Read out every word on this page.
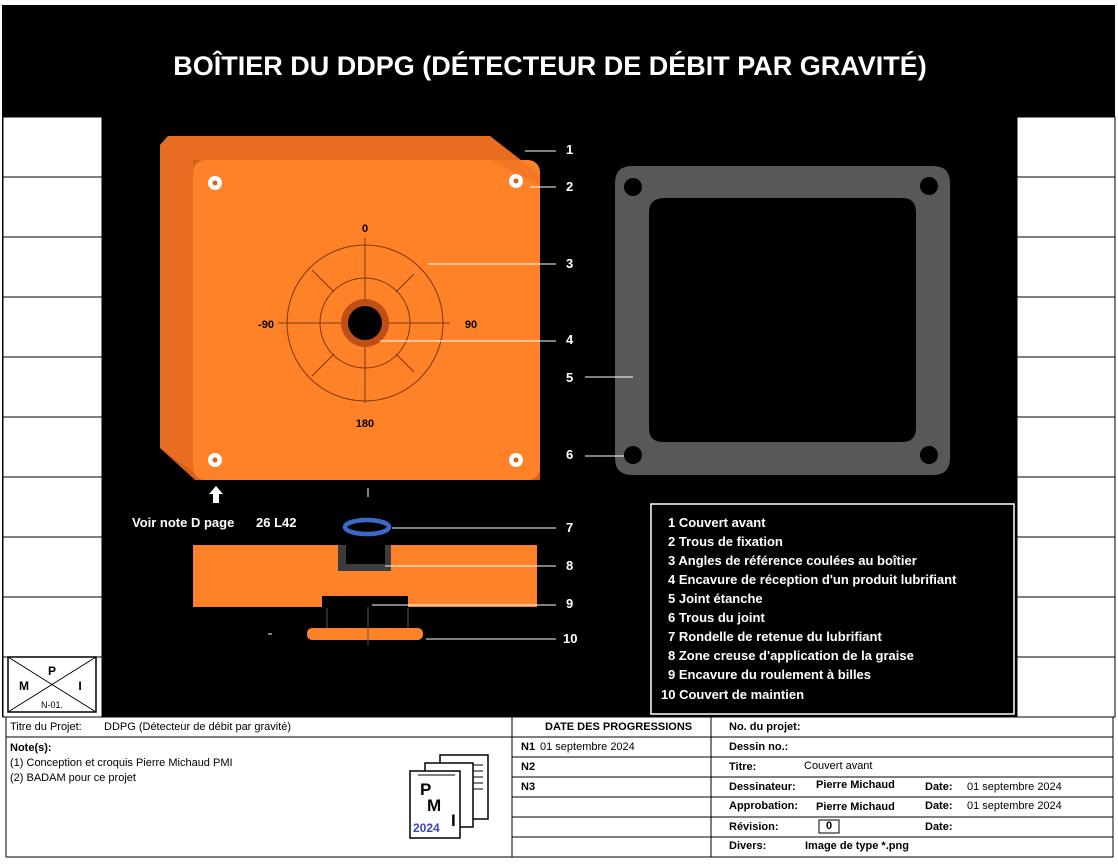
BOÎTIER DU DDPG (DÉTECTEUR DE DÉBIT PAR GRAVITÉ)
0
-90	90
180
Voir note D page 26 L42
1
2
3
4
5
6
7
8
9
10
1 Couvert avant
2 Trous de fixation
3 Angles de référence coulées au boîtier
4 Encavure de réception d'un produit lubrifiant
5 Joint étanche
6 Trous du joint
7 Rondelle de retenue du lubrifiant
8 Zone creuse d'application de la graise
9 Encavure du roulement à billes
10 Couvert de maintien
P
M	I
N-01.
P
M
I
2024
Titre du Projet: DDPG (Détecteur de débit par gravité)
Note(s):
(1) Conception et croquis Pierre Michaud PMI
(2) BADAM pour ce projet
DATE DES PROGRESSIONS
N1 01 septembre 2024
N2
N3
No. du projet:
Dessin no.:
Titre:	Couvert avant
Dessinateur: Pierre Michaud	Date: 01 septembre 2024
Approbation: Pierre Michaud	Date: 01 septembre 2024
Révision:	0	Date:
Divers:	Image de type *.png
